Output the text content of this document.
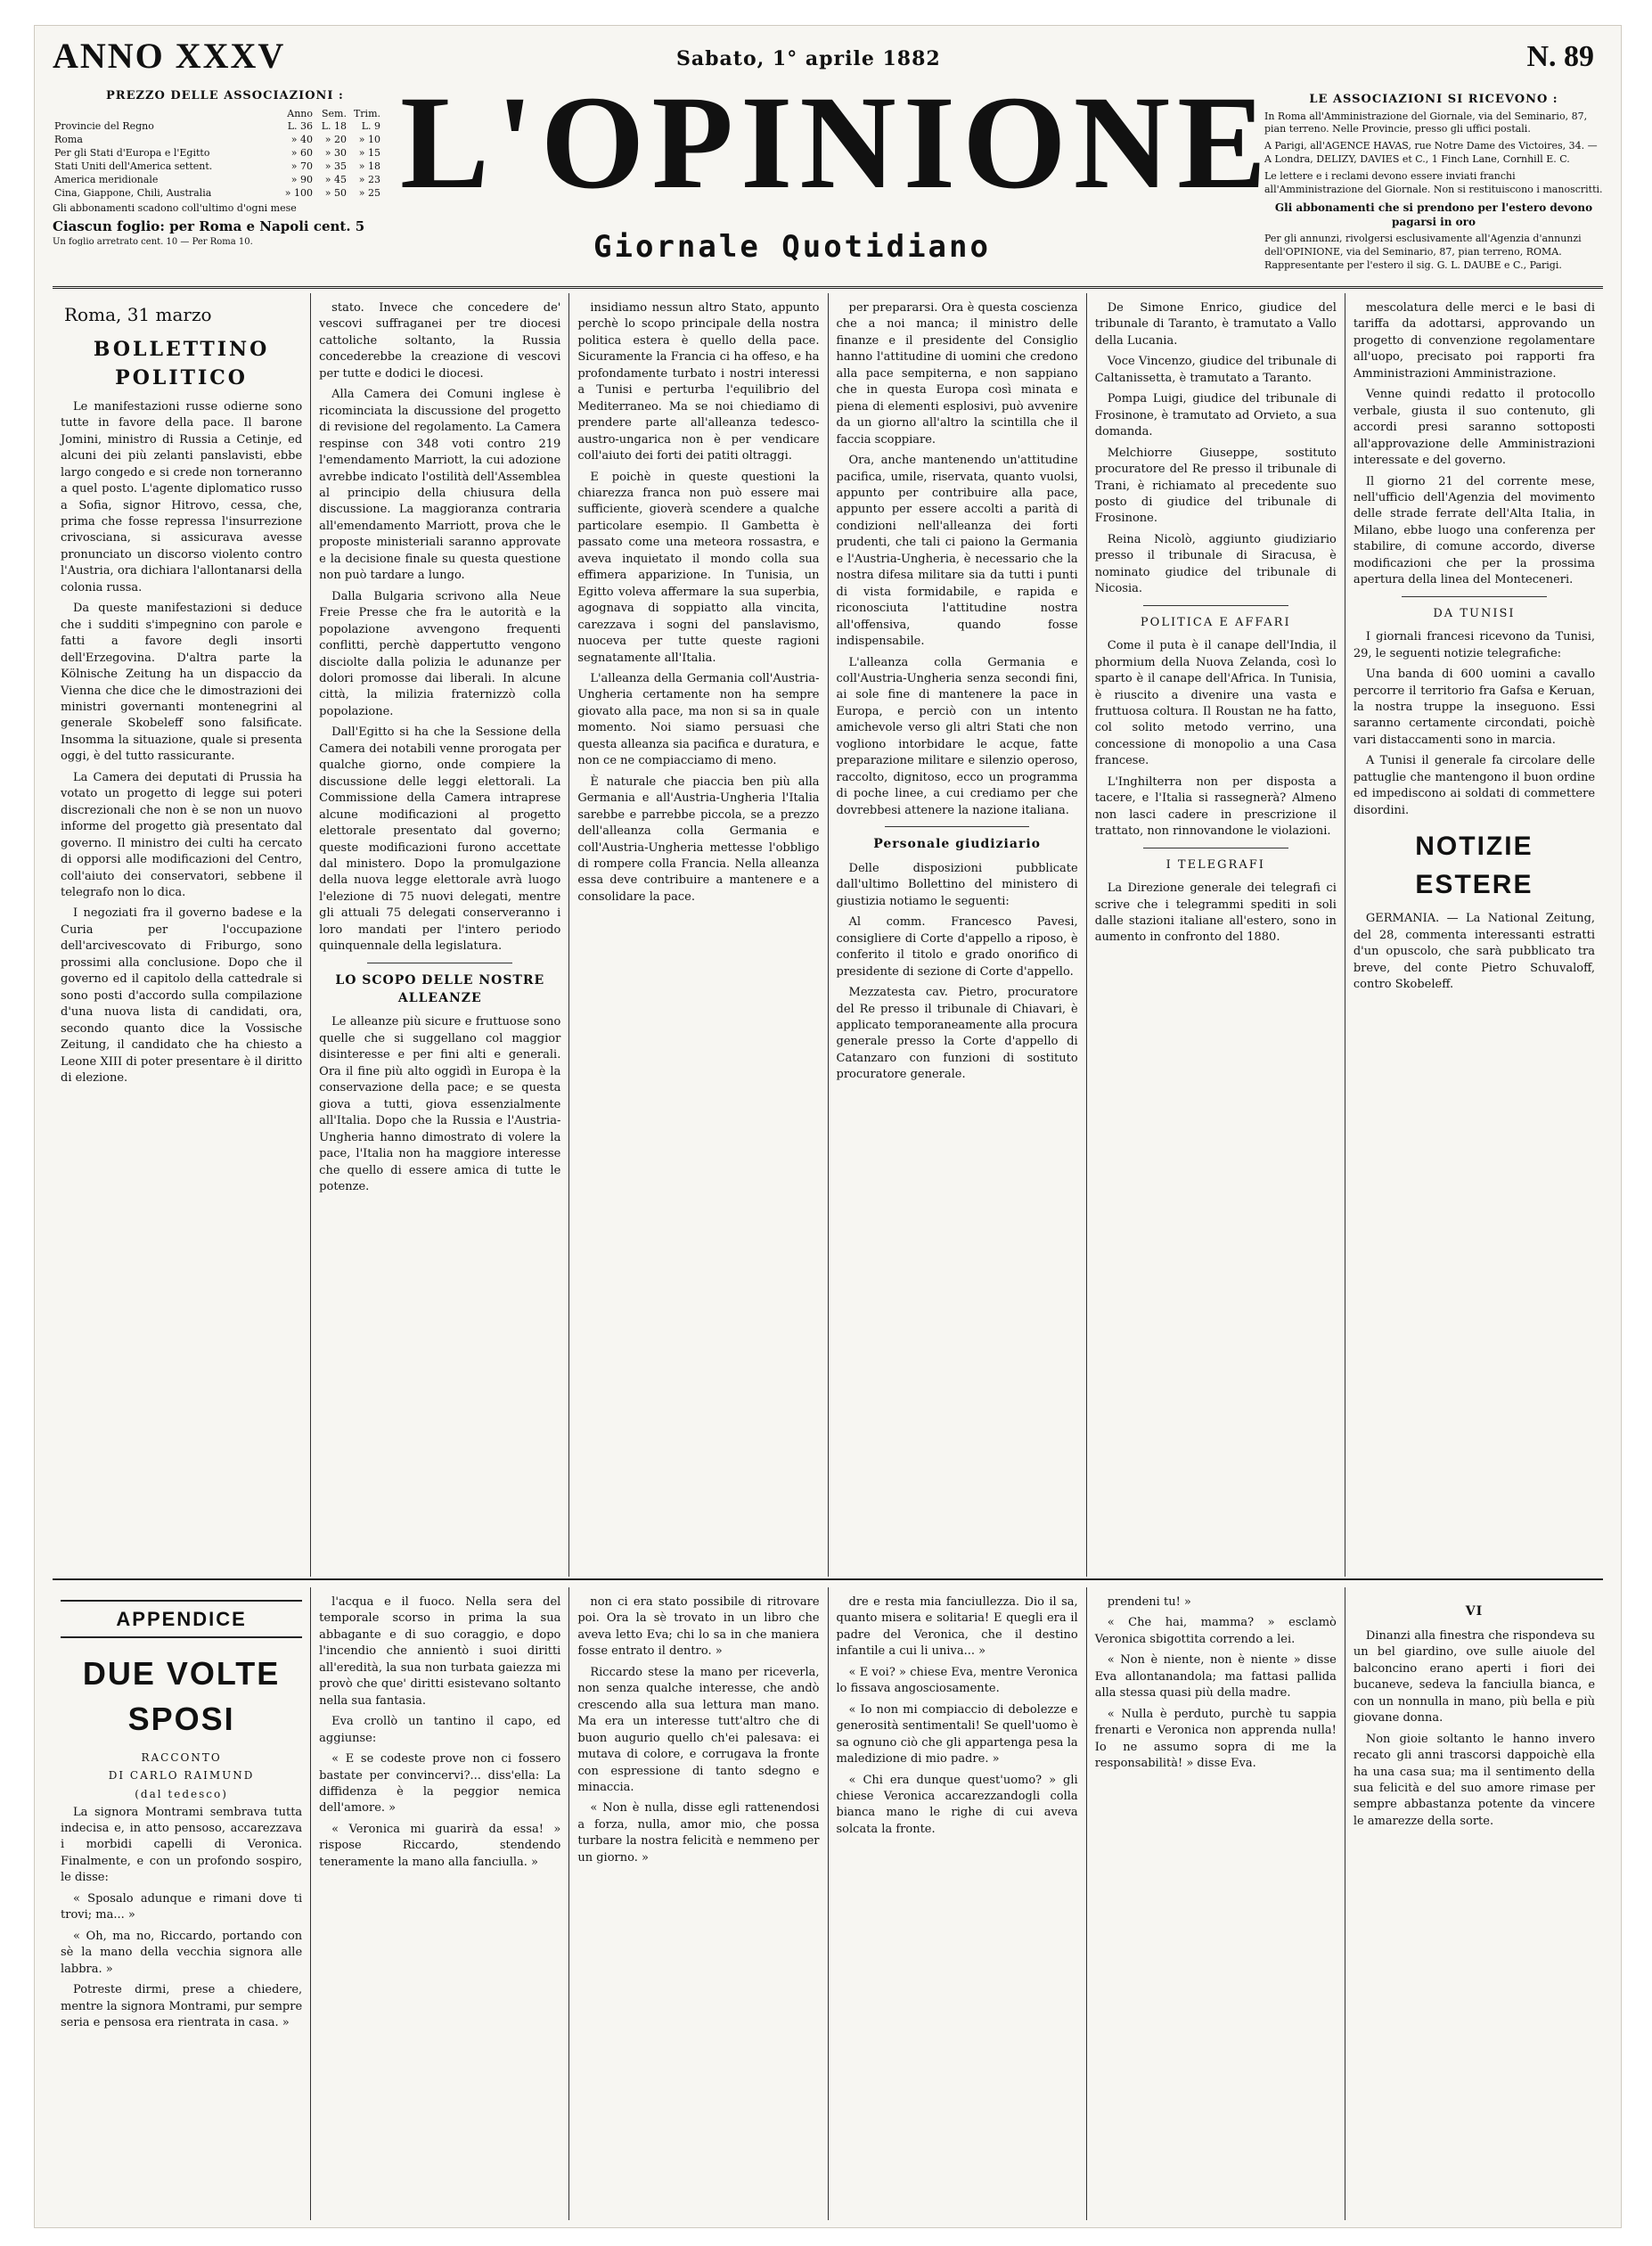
ANNO XXXV	Sabato, 1° aprile 1882	N. 89
PREZZO DELLE ASSOCIAZIONI :
	Anno	Sem.	Trim.
Provincie del Regno	L. 36	L. 18	L. 9
Roma	» 40	» 20	» 10
Per gli Stati d'Europa e l'Egitto	» 60	» 30	» 15
Stati Uniti dell'America settent.	» 70	» 35	» 18
America meridionale	» 90	» 45	» 23
Cina, Giappone, Chili, Australia	» 100	» 50	» 25
Gli abbonamenti scadono coll'ultimo d'ogni mese
Ciascun foglio: per Roma e Napoli cent. 5
Un foglio arretrato cent. 10 — Per Roma 10.
L'OPINIONE
Giornale Quotidiano
LE ASSOCIAZIONI SI RICEVONO :

In Roma all'Amministrazione del Giornale, via del Seminario, 87, pian terreno. Nelle Provincie, presso gli uffici postali.

A Parigi, all'AGENCE HAVAS, rue Notre Dame des Victoires, 34. — A Londra, DELIZY, DAVIES et C., 1 Finch Lane, Cornhill E. C.

Le lettere e i reclami devono essere inviati franchi all'Amministrazione del Giornale. Non si restituiscono i manoscritti.

Gli abbonamenti che si prendono per l'estero devono pagarsi in oro

Per gli annunzi, rivolgersi esclusivamente all'Agenzia d'annunzi dell'OPINIONE, via del Seminario, 87, pian terreno, ROMA. Rappresentante per l'estero il sig. G. L. DAUBE e C., Parigi.

Roma, 31 marzo
BOLLETTINO POLITICO

Le manifestazioni russe odierne sono tutte in favore della pace. Il barone Jomini, ministro di Russia a Cetinje, ed alcuni dei più zelanti panslavisti, ebbe largo congedo e si crede non torneranno a quel posto. L'agente diplomatico russo a Sofia, signor Hitrovo, cessa, che, prima che fosse repressa l'insurrezione crivosciana, si assicurava avesse pronunciato un discorso violento contro l'Austria, ora dichiara l'allontanarsi della colonia russa.

Da queste manifestazioni si deduce che i sudditi s'impegnino con parole e fatti a favore degli insorti dell'Erzegovina. D'altra parte la Kölnische Zeitung ha un dispaccio da Vienna che dice che le dimostrazioni dei ministri governanti montenegrini al generale Skobeleff sono falsificate. Insomma la situazione, quale si presenta oggi, è del tutto rassicurante.

La Camera dei deputati di Prussia ha votato un progetto di legge sui poteri discrezionali che non è se non un nuovo informe del progetto già presentato dal governo. Il ministro dei culti ha cercato di opporsi alle modificazioni del Centro, coll'aiuto dei conservatori, sebbene il telegrafo non lo dica.

I negoziati fra il governo badese e la Curia per l'occupazione dell'arcivescovato di Friburgo, sono prossimi alla conclusione. Dopo che il governo ed il capitolo della cattedrale si sono posti d'accordo sulla compilazione d'una nuova lista di candidati, ora, secondo quanto dice la Vossische Zeitung, il candidato che ha chiesto a Leone XIII di poter presentare è il diritto di elezione.

stato. Invece che concedere de' vescovi suffraganei per tre diocesi cattoliche soltanto, la Russia concederebbe la creazione di vescovi per tutte e dodici le diocesi.

Alla Camera dei Comuni inglese è ricominciata la discussione del progetto di revisione del regolamento. La Camera respinse con 348 voti contro 219 l'emendamento Marriott, la cui adozione avrebbe indicato l'ostilità dell'Assemblea al principio della chiusura della discussione. La maggioranza contraria all'emendamento Marriott, prova che le proposte ministeriali saranno approvate e la decisione finale su questa questione non può tardare a lungo.

Dalla Bulgaria scrivono alla Neue Freie Presse che fra le autorità e la popolazione avvengono frequenti conflitti, perchè dappertutto vengono disciolte dalla polizia le adunanze per dolori promosse dai liberali. In alcune città, la milizia fraternizzò colla popolazione.

Dall'Egitto si ha che la Sessione della Camera dei notabili venne prorogata per qualche giorno, onde compiere la discussione delle leggi elettorali. La Commissione della Camera intraprese alcune modificazioni al progetto elettorale presentato dal governo; queste modificazioni furono accettate dal ministero. Dopo la promulgazione della nuova legge elettorale avrà luogo l'elezione di 75 nuovi delegati, mentre gli attuali 75 delegati conserveranno i loro mandati per l'intero periodo quinquennale della legislatura.

LO SCOPO DELLE NOSTRE ALLEANZE

Le alleanze più sicure e fruttuose sono quelle che si suggellano col maggior disinteresse e per fini alti e generali. Ora il fine più alto oggidì in Europa è la conservazione della pace; e se questa giova a tutti, giova essenzialmente all'Italia. Dopo che la Russia e l'Austria-Ungheria hanno dimostrato di volere la pace, l'Italia non ha maggiore interesse che quello di essere amica di tutte le potenze.

insidiamo nessun altro Stato, appunto perchè lo scopo principale della nostra politica estera è quello della pace. Sicuramente la Francia ci ha offeso, e ha profondamente turbato i nostri interessi a Tunisi e perturba l'equilibrio del Mediterraneo. Ma se noi chiediamo di prendere parte all'alleanza tedesco-austro-ungarica non è per vendicare coll'aiuto dei forti dei patiti oltraggi.

E poichè in queste questioni la chiarezza franca non può essere mai sufficiente, gioverà scendere a qualche particolare esempio. Il Gambetta è passato come una meteora rossastra, e aveva inquietato il mondo colla sua effimera apparizione. In Tunisia, un Egitto voleva affermare la sua superbia, agognava di soppiatto alla vincita, carezzava i sogni del panslavismo, nuoceva per tutte queste ragioni segnatamente all'Italia.

L'alleanza della Germania coll'Austria-Ungheria certamente non ha sempre giovato alla pace, ma non si sa in quale momento. Noi siamo persuasi che questa alleanza sia pacifica e duratura, e non ce ne compiacciamo di meno.

È naturale che piaccia ben più alla Germania e all'Austria-Ungheria l'Italia sarebbe e parrebbe piccola, se a prezzo dell'alleanza colla Germania e coll'Austria-Ungheria mettesse l'obbligo di rompere colla Francia. Nella alleanza essa deve contribuire a mantenere e a consolidare la pace.

per prepararsi. Ora è questa coscienza che a noi manca; il ministro delle finanze e il presidente del Consiglio hanno l'attitudine di uomini che credono alla pace sempiterna, e non sappiano che in questa Europa così minata e piena di elementi esplosivi, può avvenire da un giorno all'altro la scintilla che il faccia scoppiare.

Ora, anche mantenendo un'attitudine pacifica, umile, riservata, quanto vuolsi, appunto per contribuire alla pace, appunto per essere accolti a parità di condizioni nell'alleanza dei forti prudenti, che tali ci paiono la Germania e l'Austria-Ungheria, è necessario che la nostra difesa militare sia da tutti i punti di vista formidabile, e rapida e riconosciuta l'attitudine nostra all'offensiva, quando fosse indispensabile.

L'alleanza colla Germania e coll'Austria-Ungheria senza secondi fini, ai sole fine di mantenere la pace in Europa, e perciò con un intento amichevole verso gli altri Stati che non vogliono intorbidare le acque, fatte preparazione militare e silenzio operoso, raccolto, dignitoso, ecco un programma di poche linee, a cui crediamo per che dovrebbesi attenere la nazione italiana.

Personale giudiziario

Delle disposizioni pubblicate dall'ultimo Bollettino del ministero di giustizia notiamo le seguenti:

Al comm. Francesco Pavesi, consigliere di Corte d'appello a riposo, è conferito il titolo e grado onorifico di presidente di sezione di Corte d'appello.

Mezzatesta cav. Pietro, procuratore del Re presso il tribunale di Chiavari, è applicato temporaneamente alla procura generale presso la Corte d'appello di Catanzaro con funzioni di sostituto procuratore generale.

De Simone Enrico, giudice del tribunale di Taranto, è tramutato a Vallo della Lucania.

Voce Vincenzo, giudice del tribunale di Caltanissetta, è tramutato a Taranto.

Pompa Luigi, giudice del tribunale di Frosinone, è tramutato ad Orvieto, a sua domanda.

Melchiorre Giuseppe, sostituto procuratore del Re presso il tribunale di Trani, è richiamato al precedente suo posto di giudice del tribunale di Frosinone.

Reina Nicolò, aggiunto giudiziario presso il tribunale di Siracusa, è nominato giudice del tribunale di Nicosia.

POLITICA E AFFARI

Come il puta è il canape dell'India, il phormium della Nuova Zelanda, così lo sparto è il canape dell'Africa. In Tunisia, è riuscito a divenire una vasta e fruttuosa coltura. Il Roustan ne ha fatto, col solito metodo verrino, una concessione di monopolio a una Casa francese.

L'Inghilterra non per disposta a tacere, e l'Italia si rassegnerà? Almeno non lasci cadere in prescrizione il trattato, non rinnovandone le violazioni.

I TELEGRAFI

La Direzione generale dei telegrafi ci scrive che i telegrammi spediti in soli dalle stazioni italiane all'estero, sono in aumento in confronto del 1880.

mescolatura delle merci e le basi di tariffa da adottarsi, approvando un progetto di convenzione regolamentare all'uopo, precisato poi rapporti fra Amministrazioni Amministrazione.

Venne quindi redatto il protocollo verbale, giusta il suo contenuto, gli accordi presi saranno sottoposti all'approvazione delle Amministrazioni interessate e del governo.

Il giorno 21 del corrente mese, nell'ufficio dell'Agenzia del movimento delle strade ferrate dell'Alta Italia, in Milano, ebbe luogo una conferenza per stabilire, di comune accordo, diverse modificazioni che per la prossima apertura della linea del Monteceneri.

DA TUNISI

I giornali francesi ricevono da Tunisi, 29, le seguenti notizie telegrafiche:

Una banda di 600 uomini a cavallo percorre il territorio fra Gafsa e Keruan, la nostra truppe la inseguono. Essi saranno certamente circondati, poichè vari distaccamenti sono in marcia.

A Tunisi il generale fa circolare delle pattuglie che mantengono il buon ordine ed impediscono ai soldati di commettere disordini.

NOTIZIE ESTERE

GERMANIA. — La National Zeitung, del 28, commenta interessanti estratti d'un opuscolo, che sarà pubblicato tra breve, del conte Pietro Schuvaloff, contro Skobeleff.

APPENDICE
DUE VOLTE SPOSI
RACCONTO
DI CARLO RAIMUND
(dal tedesco)

La signora Montrami sembrava tutta indecisa e, in atto pensoso, accarezzava i morbidi capelli di Veronica. Finalmente, e con un profondo sospiro, le disse:

« Sposalo adunque e rimani dove ti trovi; ma... »

« Oh, ma no, Riccardo, portando con sè la mano della vecchia signora alle labbra. »

Potreste dirmi, prese a chiedere, mentre la signora Montrami, pur sempre seria e pensosa era rientrata in casa. »

l'acqua e il fuoco. Nella sera del temporale scorso in prima la sua abbagante e di suo coraggio, e dopo l'incendio che annientò i suoi diritti all'eredità, la sua non turbata gaiezza mi provò che que' diritti esistevano soltanto nella sua fantasia.

Eva crollò un tantino il capo, ed aggiunse:

« E se codeste prove non ci fossero bastate per convincervi?... diss'ella: La diffidenza è la peggior nemica dell'amore. »

« Veronica mi guarirà da essa! » rispose Riccardo, stendendo teneramente la mano alla fanciulla. »

non ci era stato possibile di ritrovare poi. Ora la sè trovato in un libro che aveva letto Eva; chi lo sa in che maniera fosse entrato il dentro. »

Riccardo stese la mano per riceverla, non senza qualche interesse, che andò crescendo alla sua lettura man mano. Ma era un interesse tutt'altro che di buon augurio quello ch'ei palesava: ei mutava di colore, e corrugava la fronte con espressione di tanto sdegno e minaccia.

« Non è nulla, disse egli rattenendosi a forza, nulla, amor mio, che possa turbare la nostra felicità e nemmeno per un giorno. »

dre e resta mia fanciullezza. Dio il sa, quanto misera e solitaria! E quegli era il padre del Veronica, che il destino infantile a cui li univa... »

« E voi? » chiese Eva, mentre Veronica lo fissava angosciosamente.

« Io non mi compiaccio di debolezze e generosità sentimentali! Se quell'uomo è sa ognuno ciò che gli appartenga pesa la maledizione di mio padre. »

« Chi era dunque quest'uomo? » gli chiese Veronica accarezzandogli colla bianca mano le righe di cui aveva solcata la fronte.

prendeni tu! »

« Che hai, mamma? » esclamò Veronica sbigottita correndo a lei.

« Non è niente, non è niente » disse Eva allontanandola; ma fattasi pallida alla stessa quasi più della madre.

« Nulla è perduto, purchè tu sappia frenarti e Veronica non apprenda nulla! Io ne assumo sopra di me la responsabilità! » disse Eva.

VI

Dinanzi alla finestra che rispondeva su un bel giardino, ove sulle aiuole del balconcino erano aperti i fiori dei bucaneve, sedeva la fanciulla bianca, e con un nonnulla in mano, più bella e più giovane donna.

Non gioie soltanto le hanno invero recato gli anni trascorsi dappoichè ella ha una casa sua; ma il sentimento della sua felicità e del suo amore rimase per sempre abbastanza potente da vincere le amarezze della sorte.
